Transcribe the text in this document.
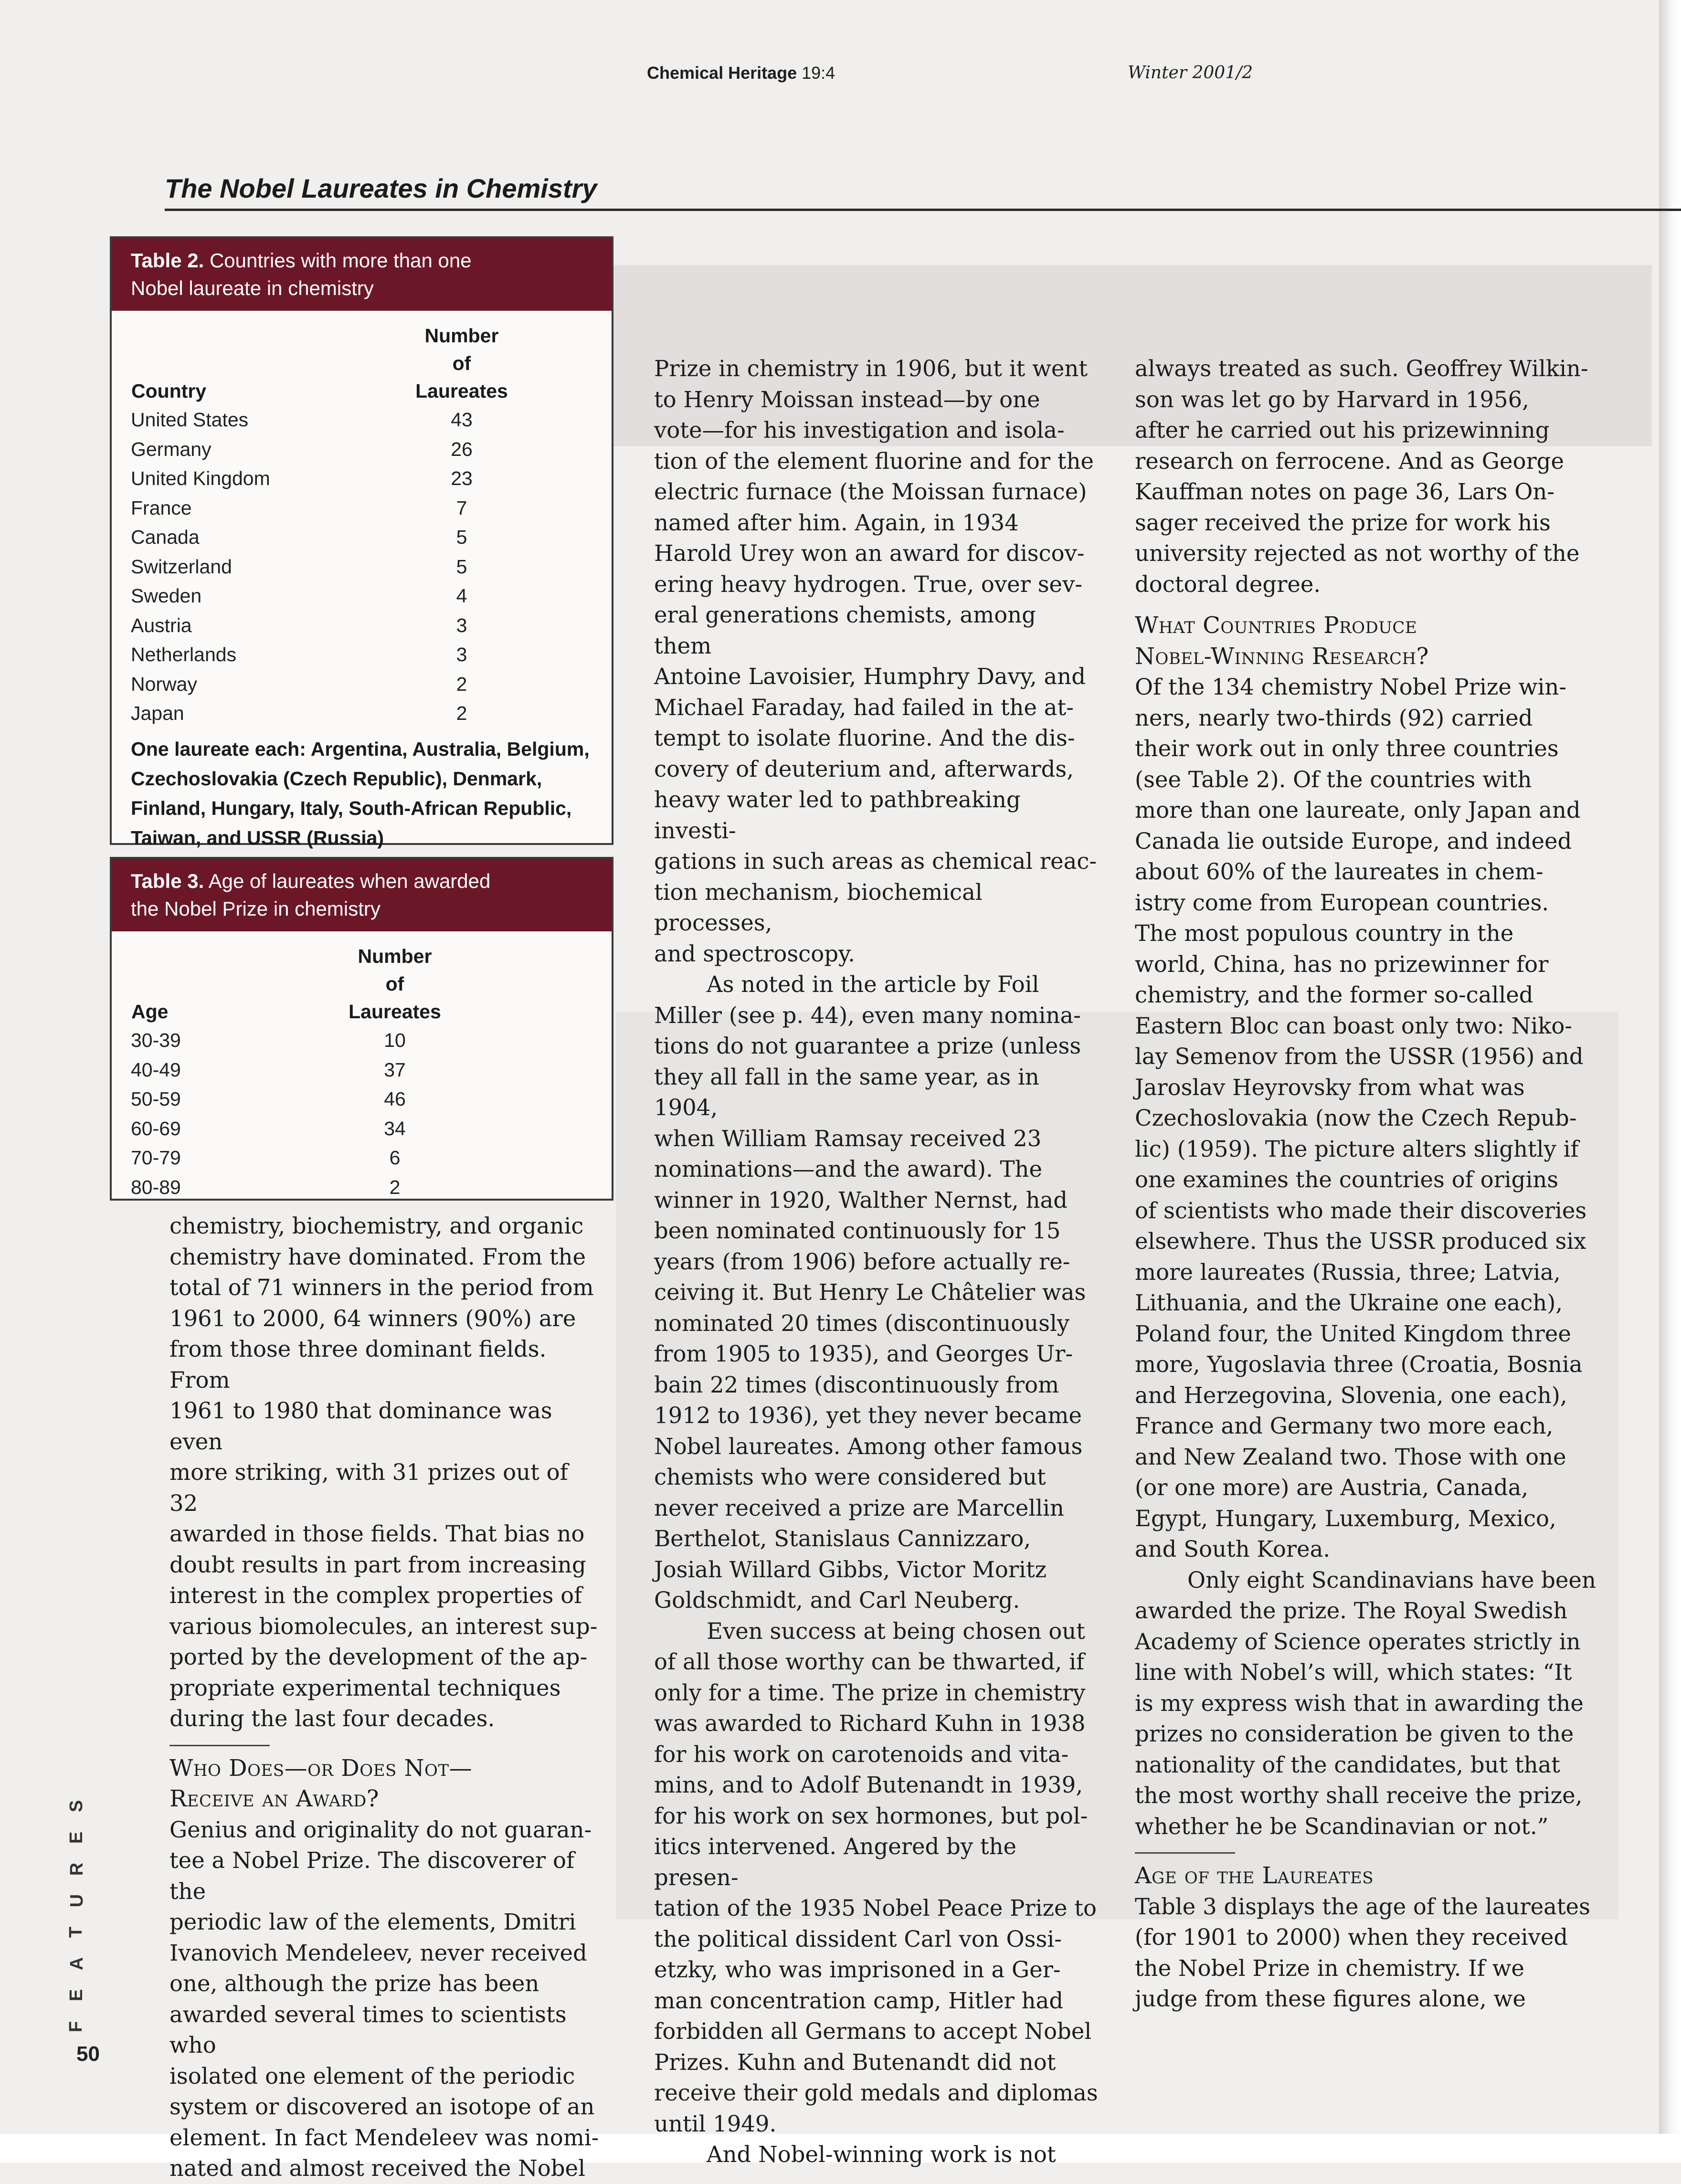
Chemical Heritage 19:4	Winter 2001/2
The Nobel Laureates in Chemistry
Table 2. Countries with more than one
Nobel laureate in chemistry
Country	Number of
Laureates
United States	43
Germany	26
United Kingdom	23
France	7
Canada	5
Switzerland	5
Sweden	4
Austria	3
Netherlands	3
Norway	2
Japan	2
One laureate each: Argentina, Australia, Belgium,
Czechoslovakia (Czech Republic), Denmark,
Finland, Hungary, Italy, South-African Republic,
Taiwan, and USSR (Russia)
Table 3. Age of laureates when awarded
the Nobel Prize in chemistry
Age	Number of
Laureates
30-39	10
40-49	37
50-59	46
60-69	34
70-79	6
80-89	2
chemistry, biochemistry, and organic
chemistry have dominated. From the
total of 71 winners in the period from
1961 to 2000, 64 winners (90%) are
from those three dominant fields. From
1961 to 1980 that dominance was even
more striking, with 31 prizes out of 32
awarded in those fields. That bias no
doubt results in part from increasing
interest in the complex properties of
various biomolecules, an interest sup-
ported by the development of the ap-
propriate experimental techniques
during the last four decades.
Who Does—or Does Not—
Receive an Award?
Genius and originality do not guaran-
tee a Nobel Prize. The discoverer of the
periodic law of the elements, Dmitri
Ivanovich Mendeleev, never received
one, although the prize has been
awarded several times to scientists who
isolated one element of the periodic
system or discovered an isotope of an
element. In fact Mendeleev was nomi-
nated and almost received the Nobel
Prize in chemistry in 1906, but it went
to Henry Moissan instead—by one
vote—for his investigation and isola-
tion of the element fluorine and for the
electric furnace (the Moissan furnace)
named after him. Again, in 1934
Harold Urey won an award for discov-
ering heavy hydrogen. True, over sev-
eral generations chemists, among them
Antoine Lavoisier, Humphry Davy, and
Michael Faraday, had failed in the at-
tempt to isolate fluorine. And the dis-
covery of deuterium and, afterwards,
heavy water led to pathbreaking investi-
gations in such areas as chemical reac-
tion mechanism, biochemical processes,
and spectroscopy.
As noted in the article by Foil
Miller (see p. 44), even many nomina-
tions do not guarantee a prize (unless
they all fall in the same year, as in 1904,
when William Ramsay received 23
nominations—and the award). The
winner in 1920, Walther Nernst, had
been nominated continuously for 15
years (from 1906) before actually re-
ceiving it. But Henry Le Châtelier was
nominated 20 times (discontinuously
from 1905 to 1935), and Georges Ur-
bain 22 times (discontinuously from
1912 to 1936), yet they never became
Nobel laureates. Among other famous
chemists who were considered but
never received a prize are Marcellin
Berthelot, Stanislaus Cannizzaro,
Josiah Willard Gibbs, Victor Moritz
Goldschmidt, and Carl Neuberg.
Even success at being chosen out
of all those worthy can be thwarted, if
only for a time. The prize in chemistry
was awarded to Richard Kuhn in 1938
for his work on carotenoids and vita-
mins, and to Adolf Butenandt in 1939,
for his work on sex hormones, but pol-
itics intervened. Angered by the presen-
tation of the 1935 Nobel Peace Prize to
the political dissident Carl von Ossi-
etzky, who was imprisoned in a Ger-
man concentration camp, Hitler had
forbidden all Germans to accept Nobel
Prizes. Kuhn and Butenandt did not
receive their gold medals and diplomas
until 1949.
And Nobel-winning work is not
always treated as such. Geoffrey Wilkin-
son was let go by Harvard in 1956,
after he carried out his prizewinning
research on ferrocene. And as George
Kauffman notes on page 36, Lars On-
sager received the prize for work his
university rejected as not worthy of the
doctoral degree.
What Countries Produce
Nobel-Winning Research?
Of the 134 chemistry Nobel Prize win-
ners, nearly two-thirds (92) carried
their work out in only three countries
(see Table 2). Of the countries with
more than one laureate, only Japan and
Canada lie outside Europe, and indeed
about 60% of the laureates in chem-
istry come from European countries.
The most populous country in the
world, China, has no prizewinner for
chemistry, and the former so-called
Eastern Bloc can boast only two: Niko-
lay Semenov from the USSR (1956) and
Jaroslav Heyrovsky from what was
Czechoslovakia (now the Czech Repub-
lic) (1959). The picture alters slightly if
one examines the countries of origins
of scientists who made their discoveries
elsewhere. Thus the USSR produced six
more laureates (Russia, three; Latvia,
Lithuania, and the Ukraine one each),
Poland four, the United Kingdom three
more, Yugoslavia three (Croatia, Bosnia
and Herzegovina, Slovenia, one each),
France and Germany two more each,
and New Zealand two. Those with one
(or one more) are Austria, Canada,
Egypt, Hungary, Luxemburg, Mexico,
and South Korea.
Only eight Scandinavians have been
awarded the prize. The Royal Swedish
Academy of Science operates strictly in
line with Nobel’s will, which states: “It
is my express wish that in awarding the
prizes no consideration be given to the
nationality of the candidates, but that
the most worthy shall receive the prize,
whether he be Scandinavian or not.”
Age of the Laureates
Table 3 displays the age of the laureates
(for 1901 to 2000) when they received
the Nobel Prize in chemistry. If we
judge from these figures alone, we
S
E
R
U
T
A
E
F
50
